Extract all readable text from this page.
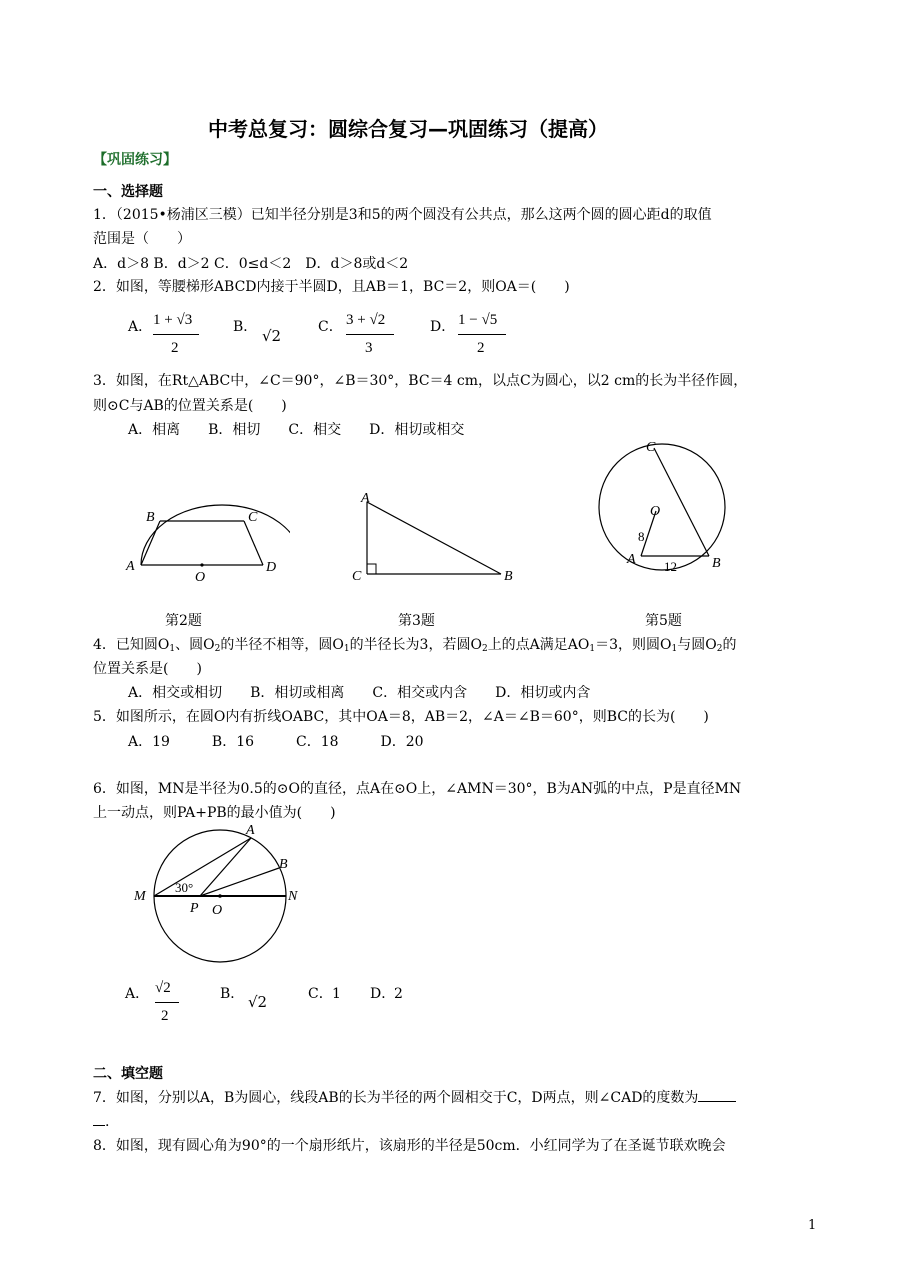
中考总复习：圆综合复习—巩固练习（提高）
【巩固练习】
一、选择题
1．（2015•杨浦区三模）已知半径分别是3和5的两个圆没有公共点，那么这两个圆的圆心距d的取值
范围是（　　）
A．d＞8 B．d＞2 C．0≤d＜2　D．d＞8或d＜2
2．如图，等腰梯形ABCD内接于半圆D，且AB＝1，BC＝2，则OA＝(　　)
A． 1 + √3
2
B． √2	C． 3 + √2
3
D． 1 − √5
2
3．如图，在Rt△ABC中，∠C＝90°，∠B＝30°，BC＝4 cm，以点C为圆心，以2 cm的长为半径作圆，
则⊙C与AB的位置关系是(　　)
A．相离　　B．相切　　C．相交　　D．相切或相交
A
B	C
D
O
A
C	B
C
O
8
A 12	B
第2题	第3题	第5题
4．已知圆$O_1$、圆$O_2$的半径不相等，圆$O_1$的半径长为3，若圆$O_2$上的点A满足$AO_1=3$，则圆$O_1$与圆$O_2$的
位置关系是(　　)
A．相交或相切　　B．相切或相离　　C．相交或内含　　D．相切或内含
5．如图所示，在圆O内有折线OABC，其中OA＝8，AB＝2，∠A＝∠B＝60°，则BC的长为(　　)
A．19　　　B．16　　　C．18　　　D．20
6．如图，MN是半径为0.5的⊙O的直径，点A在⊙O上，∠AMN＝30°，B为AN弧的中点，P是直径MN
上一动点，则PA+PB的最小值为(　　)
A
B
M	N
P O
30°
A． √2
2
B． √2	C． 1 D．
2
二、填空题
7．如图，分别以A，B为圆心，线段AB的长为半径的两个圆相交于C，D两点，则∠CAD的度数为
.
8．如图，现有圆心角为90°的一个扇形纸片，该扇形的半径是50cm．小红同学为了在圣诞节联欢晚会
1
